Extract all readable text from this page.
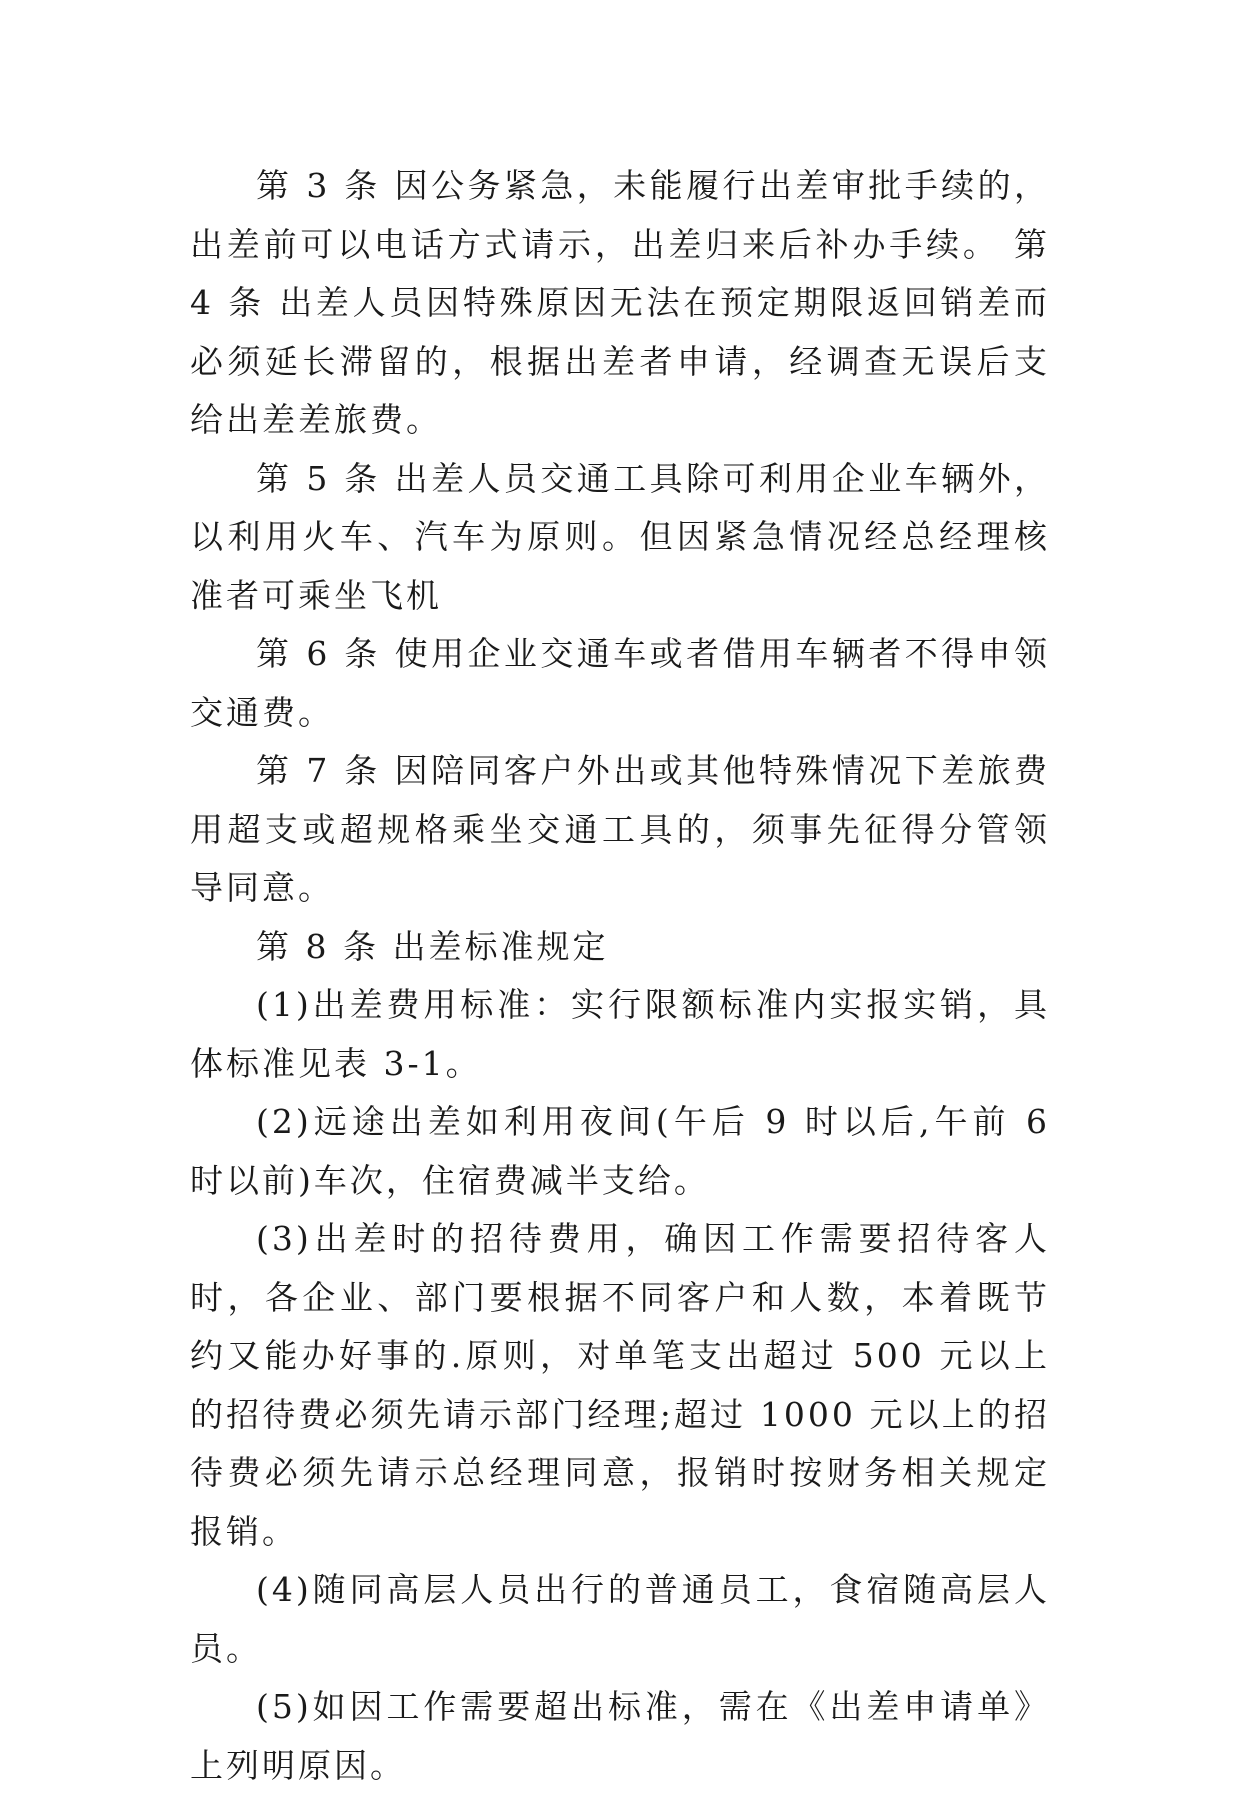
第 3 条 因公务紧急，未能履行出差审批手续的，出差前可以电话方式请示，出差归来后补办手续。 第 4 条 出差人员因特殊原因无法在预定期限返回销差而必须延长滞留的，根据出差者申请，经调查无误后支给出差差旅费。

第 5 条 出差人员交通工具除可利用企业车辆外，以利用火车、汽车为原则。但因紧急情况经总经理核准者可乘坐飞机

第 6 条 使用企业交通车或者借用车辆者不得申领交通费。

第 7 条 因陪同客户外出或其他特殊情况下差旅费用超支或超规格乘坐交通工具的，须事先征得分管领导同意。

第 8 条 出差标准规定

(1)出差费用标准：实行限额标准内实报实销，具体标准见表 3-1。

(2)远途出差如利用夜间(午后 9 时以后,午前 6 时以前)车次，住宿费减半支给。

(3)出差时的招待费用，确因工作需要招待客人时，各企业、部门要根据不同客户和人数，本着既节约又能办好事的.原则，对单笔支出超过 500 元以上的招待费必须先请示部门经理;超过 1000 元以上的招待费必须先请示总经理同意，报销时按财务相关规定报销。

(4)随同高层人员出行的普通员工，食宿随高层人员。

(5)如因工作需要超出标准，需在《出差申请单》上列明原因。
